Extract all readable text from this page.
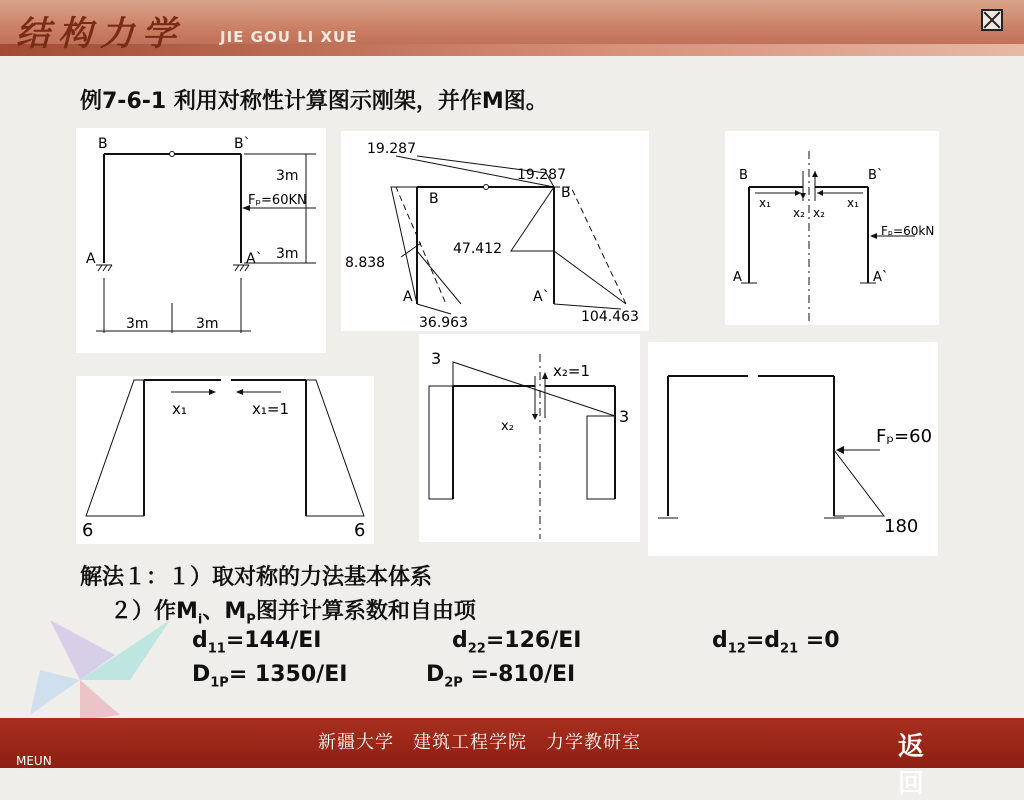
结构力学 JIE GOU LI XUE
例7-6-1 利用对称性计算图示刚架，并作M图。
B	B`
A	A`
3m
Fₚ=60KN
3m
3m	3m
19.287
19.287
47.412
8.838
36.963	104.463
B	B
A	A`
B	B`
A	A`
x₁	x₁
x₂ x₂
Fₚ=60kN
x₁	x₁=1
6	6
3
3
x₂=1
x₂	Fₚ=60
180
解法１：１）取对称的力法基本体系
２）作$M_i$、$M_P$图并计算系数和自由项
$d_{11}=144/EI$	$d_{22}=126/EI$	$d_{12}=d_{21} =0$
$D_{1P}= 1350/EI$	$D_{2P} =-810/EI$
新疆大学　建筑工程学院　力学教研室	返回
MEUN
